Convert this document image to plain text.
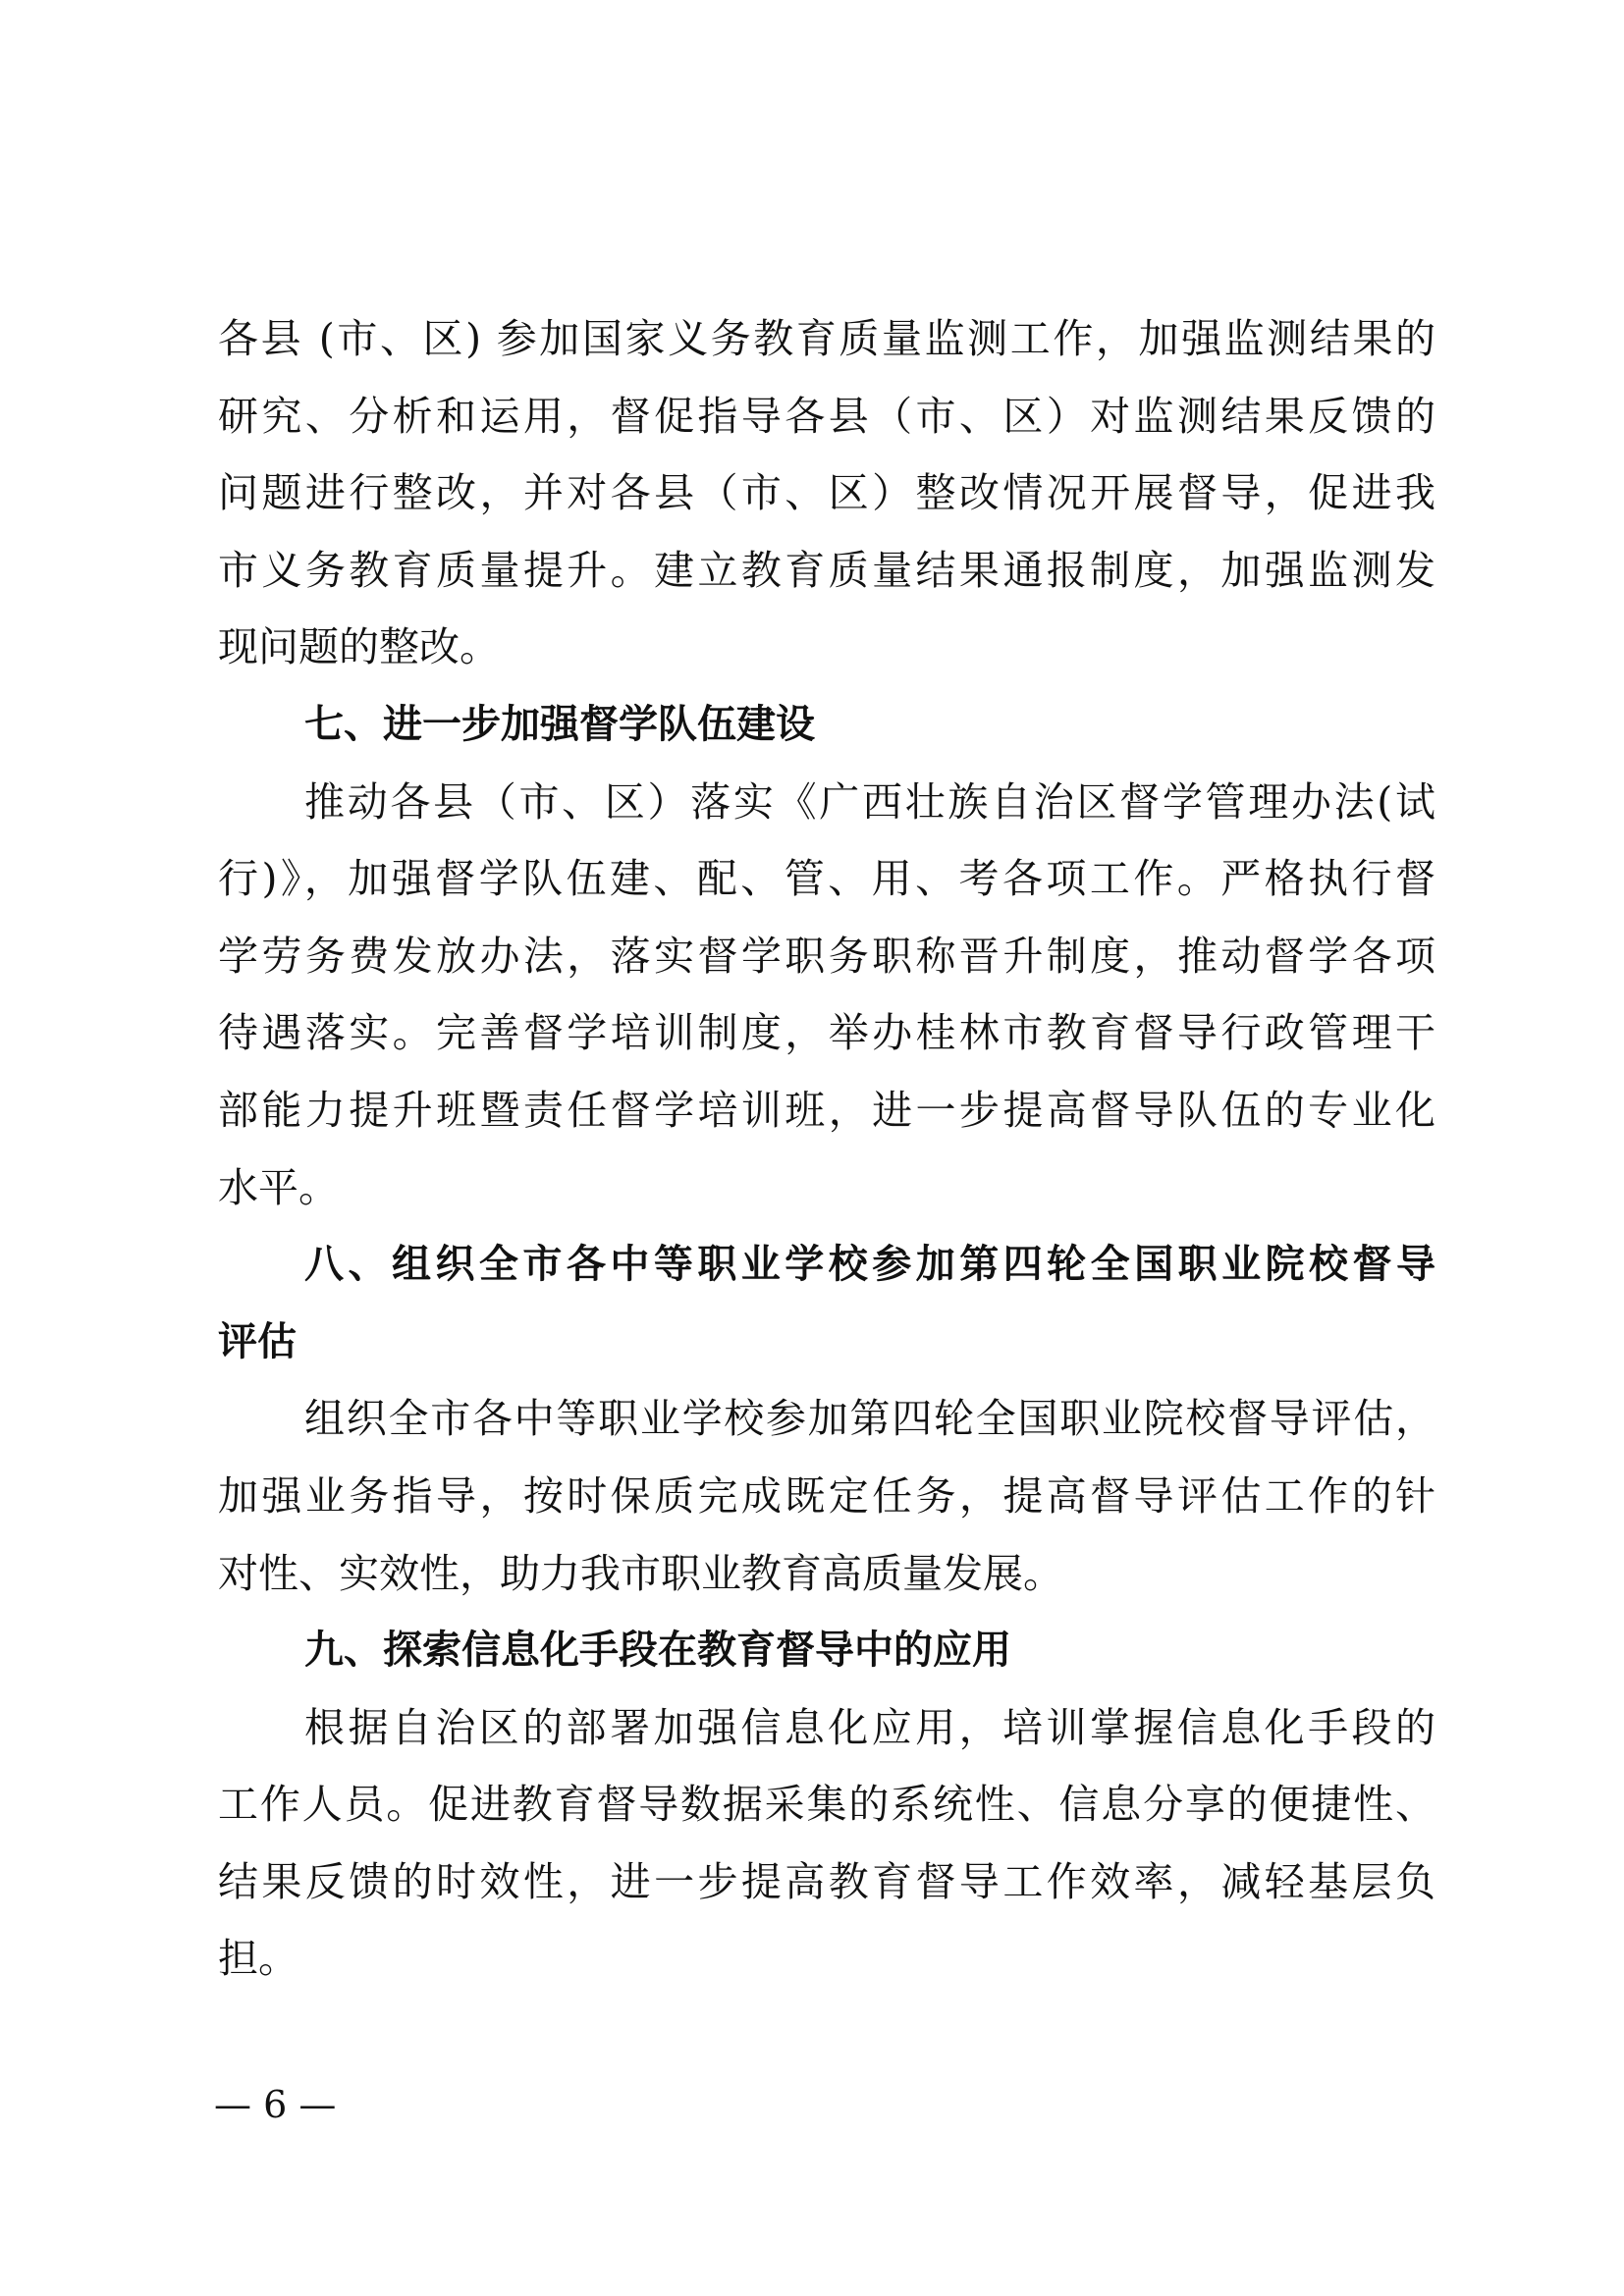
各县 (市、区) 参加国家义务教育质量监测工作，加强监测结果的
研究、分析和运用，督促指导各县（市、区）对监测结果反馈的
问题进行整改，并对各县（市、区）整改情况开展督导，促进我
市义务教育质量提升。建立教育质量结果通报制度，加强监测发
现问题的整改。
七、进一步加强督学队伍建设
推动各县（市、区）落实《广西壮族自治区督学管理办法(试
行)》，加强督学队伍建、配、管、用、考各项工作。严格执行督
学劳务费发放办法，落实督学职务职称晋升制度，推动督学各项
待遇落实。完善督学培训制度，举办桂林市教育督导行政管理干
部能力提升班暨责任督学培训班，进一步提高督导队伍的专业化
水平。
八、组织全市各中等职业学校参加第四轮全国职业院校督导
评估
组织全市各中等职业学校参加第四轮全国职业院校督导评估，
加强业务指导，按时保质完成既定任务，提高督导评估工作的针
对性、实效性，助力我市职业教育高质量发展。
九、探索信息化手段在教育督导中的应用
根据自治区的部署加强信息化应用，培训掌握信息化手段的
工作人员。促进教育督导数据采集的系统性、信息分享的便捷性、
结果反馈的时效性，进一步提高教育督导工作效率，减轻基层负
担。
— 6 —
